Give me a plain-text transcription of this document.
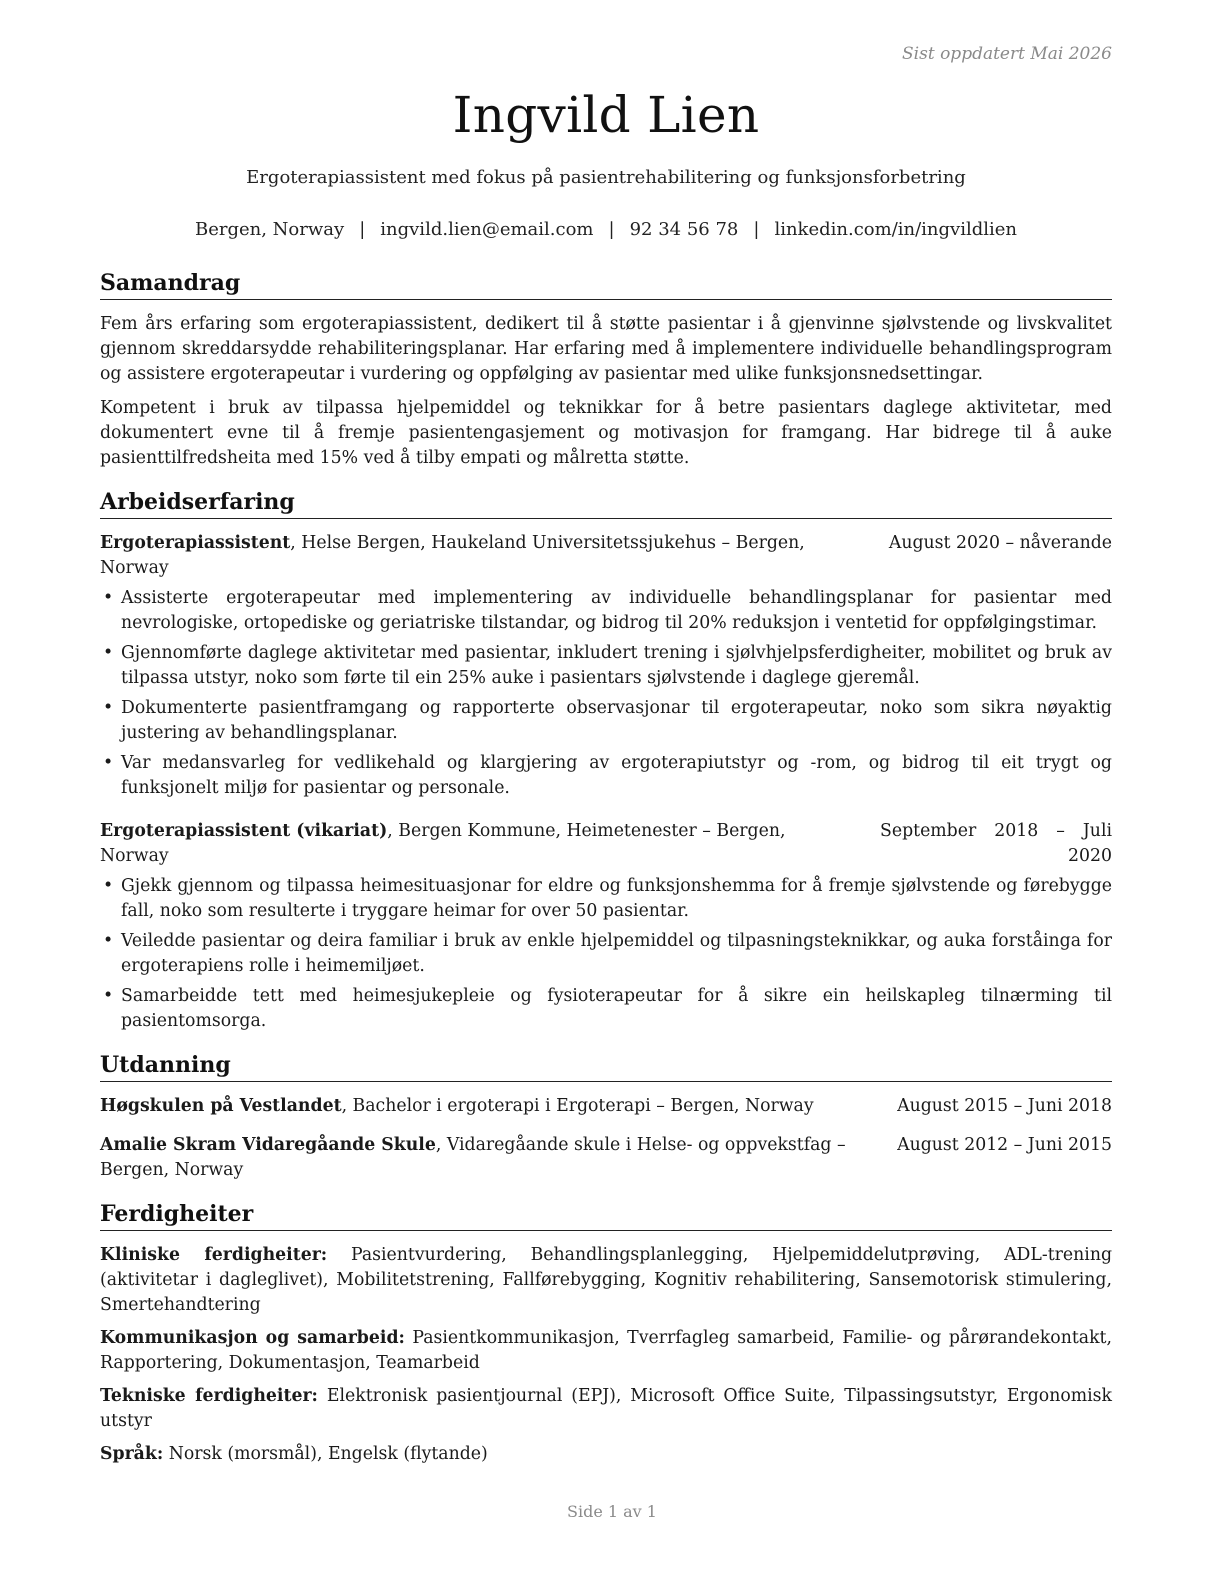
Sist oppdatert Mai 2026
Ingvild Lien
Ergoterapiassistent med fokus på pasientrehabilitering og funksjonsforbetring
Bergen, Norway | ingvild.lien@email.com | 92 34 56 78 | linkedin.com/in/ingvildlien
Samandrag

Fem års erfaring som ergoterapiassistent, dedikert til å støtte pasientar i å gjenvinne sjølvstende og livskvalitet gjennom skreddarsydde rehabiliteringsplanar. Har erfaring med å implementere individuelle behandlingsprogram og assistere ergoterapeutar i vurdering og oppfølging av pasientar med ulike funksjonsnedsettingar.

Kompetent i bruk av tilpassa hjelpemiddel og teknikkar for å betre pasientars daglege aktivitetar, med dokumentert evne til å fremje pasientengasjement og motivasjon for framgang. Har bidrege til å auke pasienttilfredsheita med 15% ved å tilby empati og målretta støtte.

Arbeidserfaring
Ergoterapiassistent, Helse Bergen, Haukeland Universitetssjukehus – Bergen, Norway
August 2020 – nåverande
• Assisterte ergoterapeutar med implementering av individuelle behandlingsplanar for pasientar med nevrologiske, ortopediske og geriatriske tilstandar, og bidrog til 20% reduksjon i ventetid for oppfølgingstimar.
• Gjennomførte daglege aktivitetar med pasientar, inkludert trening i sjølvhjelpsferdigheiter, mobilitet og bruk av tilpassa utstyr, noko som førte til ein 25% auke i pasientars sjølvstende i daglege gjeremål.
• Dokumenterte pasientframgang og rapporterte observasjonar til ergoterapeutar, noko som sikra nøyaktig justering av behandlingsplanar.
• Var medansvarleg for vedlikehald og klargjering av ergoterapiutstyr og -rom, og bidrog til eit trygt og funksjonelt miljø for pasientar og personale.
Ergoterapiassistent (vikariat), Bergen Kommune, Heimetenester – Bergen, Norway
September 2018 – Juli 2020
• Gjekk gjennom og tilpassa heimesituasjonar for eldre og funksjonshemma for å fremje sjølvstende og førebygge fall, noko som resulterte i tryggare heimar for over 50 pasientar.
• Veiledde pasientar og deira familiar i bruk av enkle hjelpemiddel og tilpasningsteknikkar, og auka forståinga for ergoterapiens rolle i heimemiljøet.
• Samarbeidde tett med heimesjukepleie og fysioterapeutar for å sikre ein heilskapleg tilnærming til pasientomsorga.
Utdanning
Høgskulen på Vestlandet, Bachelor i ergoterapi i Ergoterapi – Bergen, Norway	August 2015 – Juni 2018
Amalie Skram Vidaregåande Skule, Vidaregåande skule i Helse- og oppvekstfag – Bergen, Norway
August 2012 – Juni 2015
Ferdigheiter

Kliniske ferdigheiter: Pasientvurdering, Behandlingsplanlegging, Hjelpemiddelutprøving, ADL-trening (aktivitetar i dagleglivet), Mobilitetstrening, Fallførebygging, Kognitiv rehabilitering, Sansemotorisk stimulering, Smertehandtering

Kommunikasjon og samarbeid: Pasientkommunikasjon, Tverrfagleg samarbeid, Familie- og pårørandekontakt, Rapportering, Dokumentasjon, Teamarbeid

Tekniske ferdigheiter: Elektronisk pasientjournal (EPJ), Microsoft Office Suite, Tilpassingsutstyr, Ergonomisk utstyr

Språk: Norsk (morsmål), Engelsk (flytande)

Side 1 av 1
